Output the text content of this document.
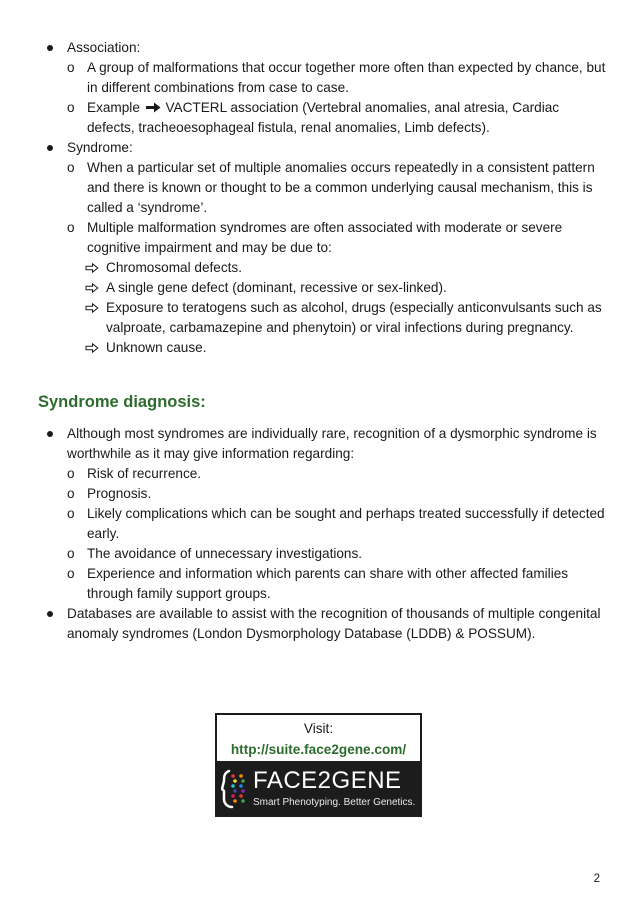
Association:
o A group of malformations that occur together more often than expected by chance, but in different combinations from case to case.
o Example VACTERL association (Vertebral anomalies, anal atresia, Cardiac defects, tracheoesophageal fistula, renal anomalies, Limb defects).
Syndrome:
o When a particular set of multiple anomalies occurs repeatedly in a consistent pattern and there is known or thought to be a common underlying causal mechanism, this is called a ‘syndrome’.
o Multiple malformation syndromes are often associated with moderate or severe cognitive impairment and may be due to:
Chromosomal defects.
A single gene defect (dominant, recessive or sex-linked).
Exposure to teratogens such as alcohol, drugs (especially anticonvulsants such as valproate, carbamazepine and phenytoin) or viral infections during pregnancy.
Unknown cause.
Syndrome diagnosis:
Although most syndromes are individually rare, recognition of a dysmorphic syndrome is worthwhile as it may give information regarding:
o Risk of recurrence.
o Prognosis.
o Likely complications which can be sought and perhaps treated successfully if detected early.
o The avoidance of unnecessary investigations.
o Experience and information which parents can share with other affected families through family support groups.
Databases are available to assist with the recognition of thousands of multiple congenital anomaly syndromes (London Dysmorphology Database (LDDB) & POSSUM).
Visit:
http://suite.face2gene.com/
FACE2GENE
Smart Phenotyping. Better Genetics.
2
